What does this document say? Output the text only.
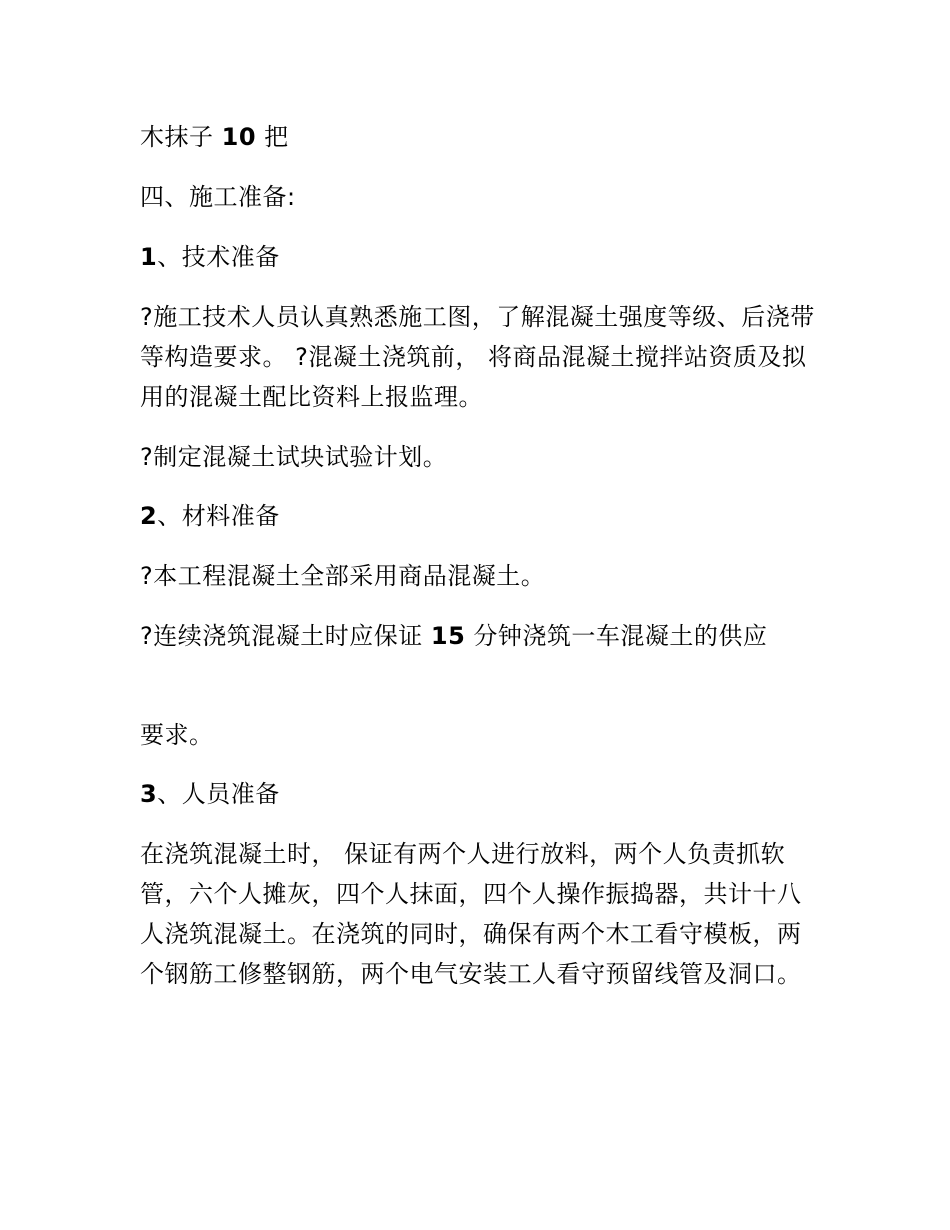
木抹子 10 把
四、施工准备:
1、技术准备
?施工技术人员认真熟悉施工图，了解混凝土强度等级、后浇带等构造要求。 ?混凝土浇筑前， 将商品混凝土搅拌站资质及拟用的混凝土配比资料上报监理。
?制定混凝土试块试验计划。
2、材料准备
?本工程混凝土全部采用商品混凝土。
?连续浇筑混凝土时应保证 15 分钟浇筑一车混凝土的供应
要求。
3、人员准备
在浇筑混凝土时， 保证有两个人进行放料，两个人负责抓软管，六个人摊灰，四个人抹面，四个人操作振捣器，共计十八人浇筑混凝土。在浇筑的同时，确保有两个木工看守模板，两个钢筋工修整钢筋，两个电气安装工人看守预留线管及洞口。
